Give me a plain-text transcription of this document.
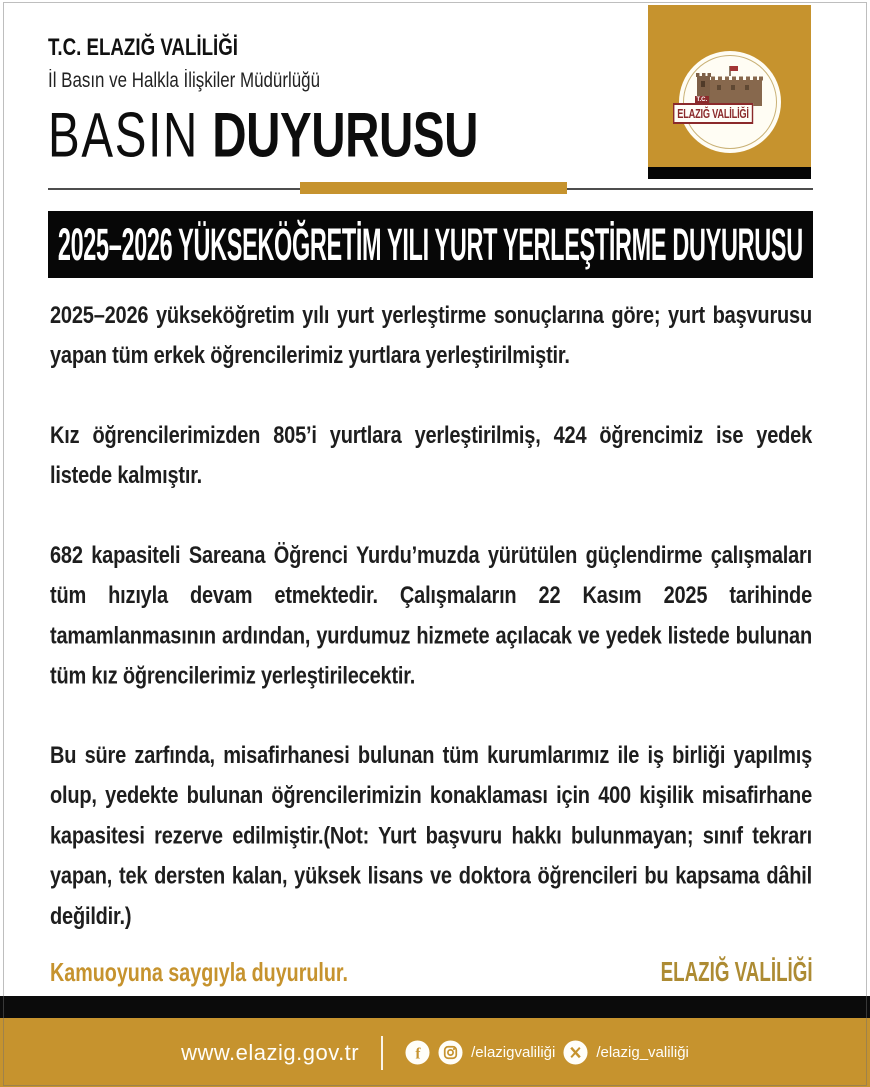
T.C.
ELAZIĞ VALİLİĞİ
T.C. ELAZIĞ VALİLİĞİ
İl Basın ve Halkla İlişkiler Müdürlüğü
BASIN DUYURUSU
2025–2026 YÜKSEKÖĞRETİM YILI YURT YERLEŞTİRME DUYURUSU

2025–2026 yükseköğretim yılı yurt yerleştirme sonuçlarına göre; yurt başvurusu yapan tüm erkek öğrencilerimiz yurtlara yerleştirilmiştir.

Kız öğrencilerimizden 805’i yurtlara yerleştirilmiş, 424 öğrencimiz ise yedek listede kalmıştır.

682 kapasiteli Sareana Öğrenci Yurdu’muzda yürütülen güçlendirme çalışmaları tüm hızıyla devam etmektedir. Çalışmaların 22 Kasım 2025 tarihinde tamamlanmasının ardından, yurdumuz hizmete açılacak ve yedek listede bulunan tüm kız öğrencilerimiz yerleştirilecektir.

Bu süre zarfında, misafirhanesi bulunan tüm kurumlarımız ile iş birliği yapılmış olup, yedekte bulunan öğrencilerimizin konaklaması için 400 kişilik misafirhane kapasitesi rezerve edilmiştir.(Not: Yurt başvuru hakkı bulunmayan; sınıf tekrarı yapan, tek dersten kalan, yüksek lisans ve doktora öğrencileri bu kapsama dâhil değildir.)

Kamuoyuna saygıyla duyurulur.	ELAZIĞ VALİLİĞİ
www.elazig.gov.tr	f	/elazigvaliliği	/elazig_valiliği
